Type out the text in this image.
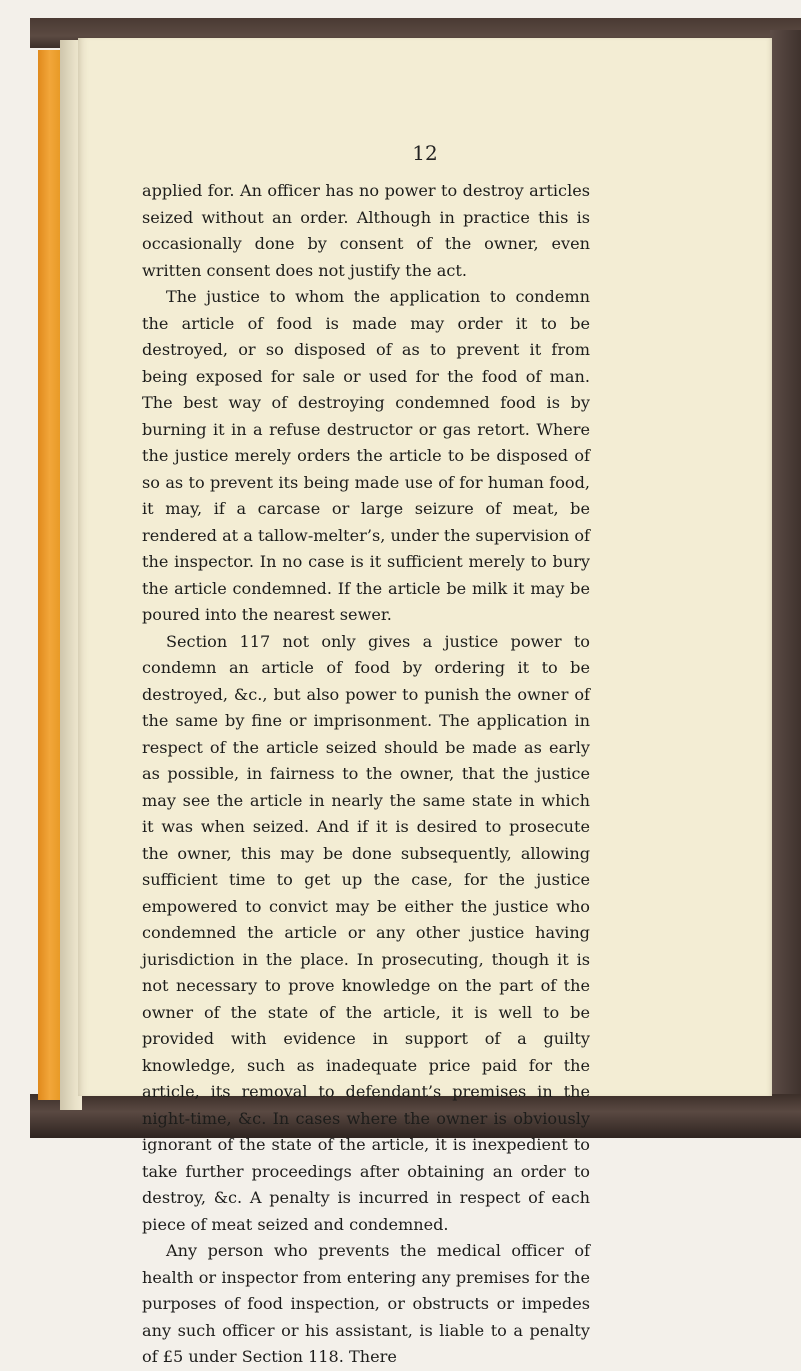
12

applied for. An officer has no power to destroy articles seized without an order. Although in practice this is occasionally done by consent of the owner, even written consent does not justify the act.

The justice to whom the application to condemn the article of food is made may order it to be destroyed, or so disposed of as to prevent it from being exposed for sale or used for the food of man. The best way of destroying condemned food is by burning it in a refuse destructor or gas retort. Where the justice merely orders the article to be disposed of so as to prevent its being made use of for human food, it may, if a carcase or large seizure of meat, be rendered at a tallow-melter’s, under the supervision of the inspector. In no case is it sufficient merely to bury the article condemned. If the article be milk it may be poured into the nearest sewer.

Section 117 not only gives a justice power to condemn an article of food by ordering it to be destroyed, &c., but also power to punish the owner of the same by fine or imprisonment. The application in respect of the article seized should be made as early as possible, in fairness to the owner, that the justice may see the article in nearly the same state in which it was when seized. And if it is desired to prosecute the owner, this may be done subsequently, allowing sufficient time to get up the case, for the justice empowered to convict may be either the justice who condemned the article or any other justice having jurisdiction in the place. In prosecuting, though it is not necessary to prove knowledge on the part of the owner of the state of the article, it is well to be provided with evidence in support of a guilty knowledge, such as inadequate price paid for the article, its removal to defendant’s premises in the night-time, &c. In cases where the owner is obviously ignorant of the state of the article, it is inexpedient to take further proceedings after obtaining an order to destroy, &c. A penalty is incurred in respect of each piece of meat seized and condemned.

Any person who prevents the medical officer of health or inspector from entering any premises for the purposes of food inspection, or obstructs or impedes any such officer or his assistant, is liable to a penalty of £5 under Section 118. There
